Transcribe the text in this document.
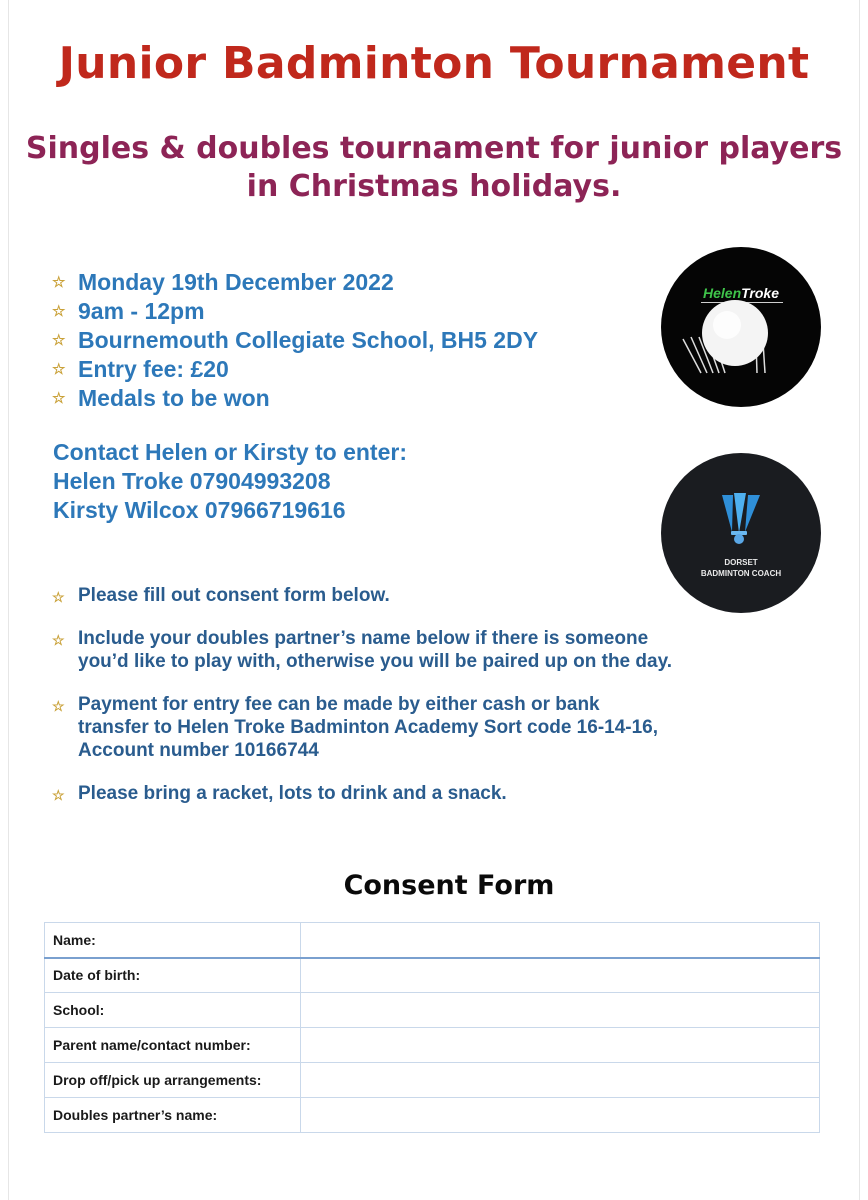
Junior Badminton Tournament
Singles & doubles tournament for junior players in Christmas holidays.
☆ Monday 19th December 2022
☆ 9am - 12pm
☆ Bournemouth Collegiate School, BH5 2DY
☆ Entry fee: £20
☆ Medals to be won
Contact Helen or Kirsty to enter:
Helen Troke 07904993208
Kirsty Wilcox 07966719616
HelenTroke
DORSET
BADMINTON COACH
☆ Please fill out consent form below.
☆ Include your doubles partner’s name below if there is someone you’d like to play with, otherwise you will be paired up on the day.
☆ Payment for entry fee can be made by either cash or bank transfer to Helen Troke Badminton Academy Sort code 16-14-16, Account number 10166744
☆ Please bring a racket, lots to drink and a snack.
Consent Form
Name:	
Date of birth:	
School:	
Parent name/contact number:	
Drop off/pick up arrangements:	
Doubles partner’s name:	
